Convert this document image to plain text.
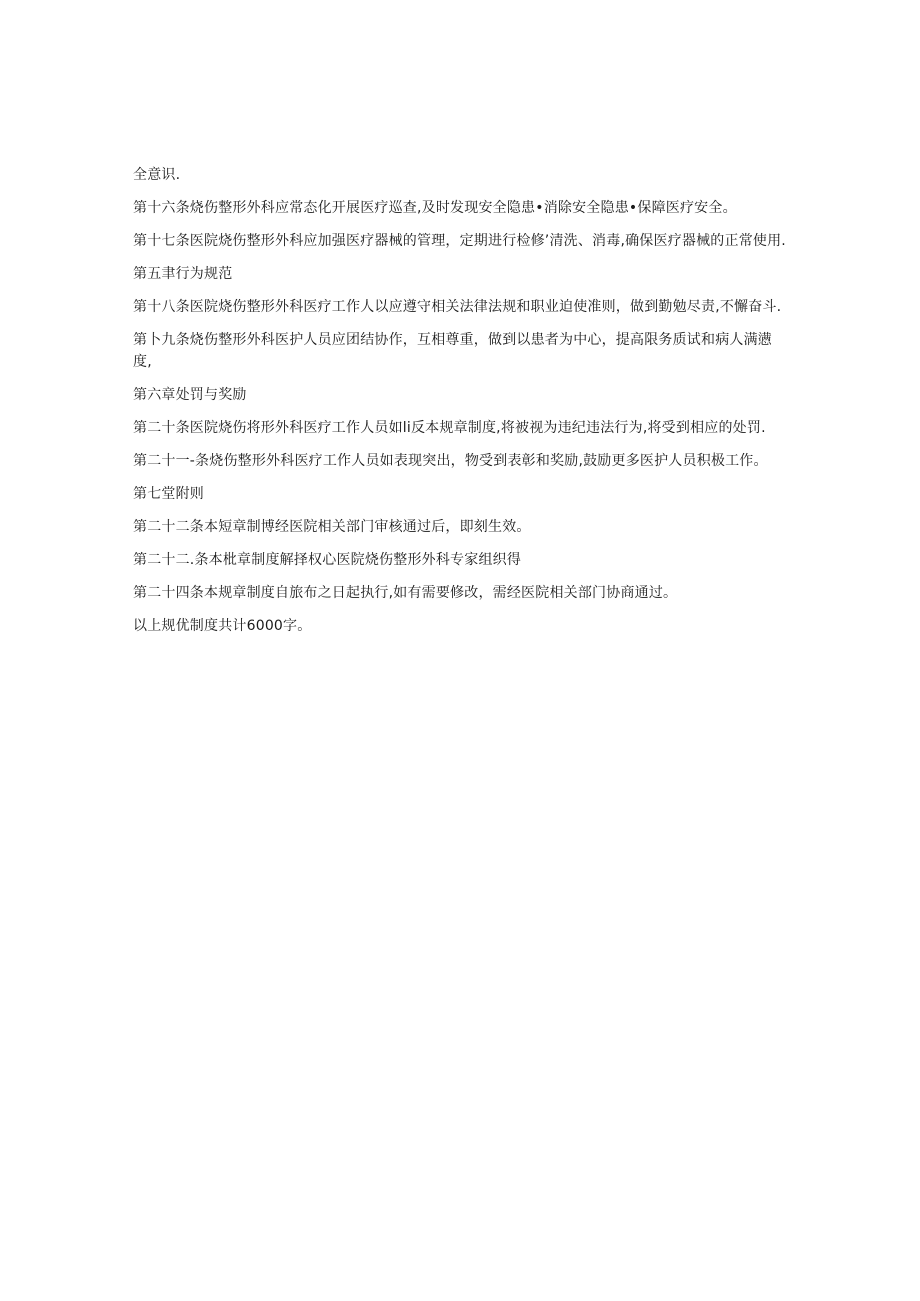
全意识.

第十六条烧伤整形外科应常态化开展医疗巡查,及时发现安全隐患•消除安全隐患•保障医疗安全。

第十七条医院烧伤整形外科应加强医疗器械的管理，定期进行检修’清洗、消毒,确保医疗器械的正常使用.

第五聿行为规范

第十八条医院烧伤整形外科医疗工作人以应遵守相关法律法规和职业迫使准则，做到勤勉尽责,不懈奋斗.

第卜九条烧伤整形外科医护人员应团结协作，互相尊重，做到以患者为中心，提高限务质试和病人满懑度,

第六章处罚与奖励

第二十条医院烧伤将形外科医疗工作人员如li反本规章制度,将被视为违纪违法行为,将受到相应的处罚.

第二十一-条烧伤整形外科医疗工作人员如表现突出，物受到表彰和奖励,鼓励更多医护人员积极工作。

第七堂附则

第二十二条本短章制博经医院相关部门审核通过后，即刻生效。

第二十二.条本枇章制度解择权心医院烧伤整形外科专家组织得

第二十四条本规章制度自旅布之日起执行,如有需要修改，需经医院相关部门协商通过。

以上规优制度共计6000字。
